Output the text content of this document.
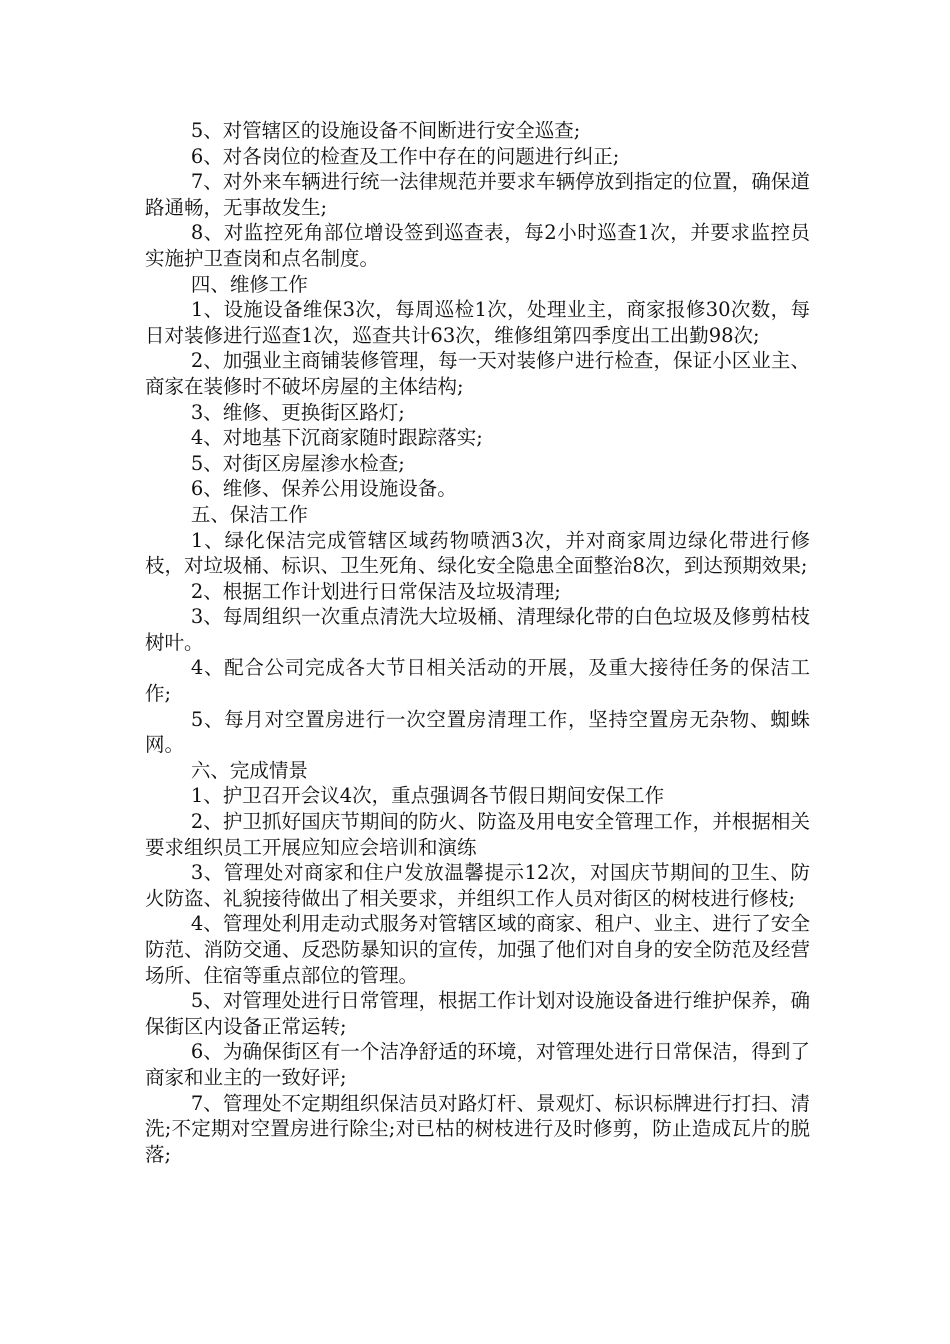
5、对管辖区的设施设备不间断进行安全巡查;

6、对各岗位的检查及工作中存在的问题进行纠正;

7、对外来车辆进行统一法律规范并要求车辆停放到指定的位置，确保道路通畅，无事故发生;

8、对监控死角部位增设签到巡查表，每2小时巡查1次，并要求监控员实施护卫查岗和点名制度。

四、维修工作

1、设施设备维保3次，每周巡检1次，处理业主，商家报修30次数，每日对装修进行巡查1次，巡查共计63次，维修组第四季度出工出勤98次;

2、加强业主商铺装修管理，每一天对装修户进行检查，保证小区业主、商家在装修时不破坏房屋的主体结构;

3、维修、更换街区路灯;

4、对地基下沉商家随时跟踪落实;

5、对街区房屋渗水检查;

6、维修、保养公用设施设备。

五、保洁工作

1、绿化保洁完成管辖区域药物喷洒3次，并对商家周边绿化带进行修枝，对垃圾桶、标识、卫生死角、绿化安全隐患全面整治8次，到达预期效果;

2、根据工作计划进行日常保洁及垃圾清理;

3、每周组织一次重点清洗大垃圾桶、清理绿化带的白色垃圾及修剪枯枝树叶。

4、配合公司完成各大节日相关活动的开展，及重大接待任务的保洁工作;

5、每月对空置房进行一次空置房清理工作，坚持空置房无杂物、蜘蛛网。

六、完成情景

1、护卫召开会议4次，重点强调各节假日期间安保工作

2、护卫抓好国庆节期间的防火、防盗及用电安全管理工作，并根据相关要求组织员工开展应知应会培训和演练

3、管理处对商家和住户发放温馨提示12次，对国庆节期间的卫生、防火防盗、礼貌接待做出了相关要求，并组织工作人员对街区的树枝进行修枝;

4、管理处利用走动式服务对管辖区域的商家、租户、业主、进行了安全防范、消防交通、反恐防暴知识的宣传，加强了他们对自身的安全防范及经营场所、住宿等重点部位的管理。

5、对管理处进行日常管理，根据工作计划对设施设备进行维护保养，确保街区内设备正常运转;

6、为确保街区有一个洁净舒适的环境，对管理处进行日常保洁，得到了商家和业主的一致好评;

7、管理处不定期组织保洁员对路灯杆、景观灯、标识标牌进行打扫、清洗;不定期对空置房进行除尘;对已枯的树枝进行及时修剪，防止造成瓦片的脱落;
